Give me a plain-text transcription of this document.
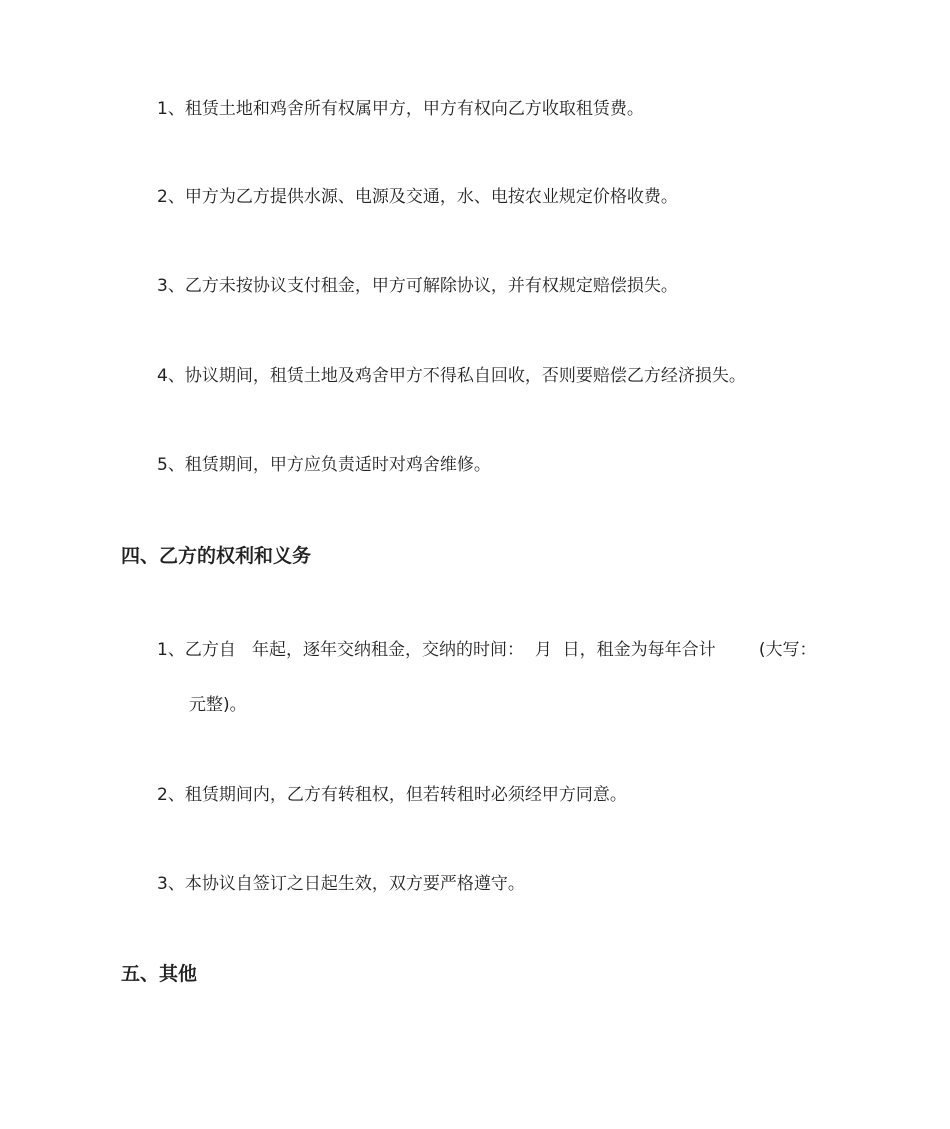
1、租赁土地和鸡舍所有权属甲方，甲方有权向乙方收取租赁费。
2、甲方为乙方提供水源、电源及交通，水、电按农业规定价格收费。
3、乙方未按协议支付租金，甲方可解除协议，并有权规定赔偿损失。
4、协议期间，租赁土地及鸡舍甲方不得私自回收，否则要赔偿乙方经济损失。
5、租赁期间，甲方应负责适时对鸡舍维修。
四、乙方的权利和义务
1、乙方自   年起，逐年交纳租金，交纳的时间：  月  日，租金为每年合计        (大写：
元整)。
2、租赁期间内，乙方有转租权，但若转租时必须经甲方同意。
3、本协议自签订之日起生效，双方要严格遵守。
五、其他
